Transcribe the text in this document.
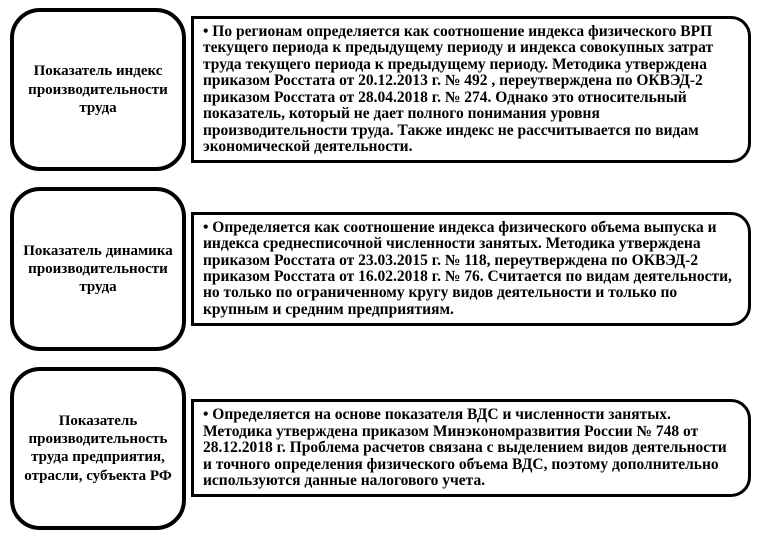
Показатель индекс производительности труда
• По регионам определяется как соотношение индекса физического ВРП текущего периода к предыдущему периоду и индекса совокупных затрат труда текущего периода к предыдущему периоду. Методика утверждена приказом Росстата от 20.12.2013 г. № 492 , переутверждена по ОКВЭД-2 приказом Росстата от 28.04.2018 г. № 274. Однако это относительный показатель, который не дает полного понимания уровня производительности труда. Также индекс не рассчитывается по видам экономической деятельности.
Показатель динамика производительности труда
• Определяется как соотношение индекса физического объема выпуска и индекса среднесписочной численности занятых. Методика утверждена приказом Росстата от 23.03.2015 г. № 118, переутверждена по ОКВЭД-2 приказом Росстата от 16.02.2018 г. № 76. Считается по видам деятельности, но только по ограниченному кругу видов деятельности и только по крупным и средним предприятиям.
Показатель производительность труда предприятия, отрасли, субъекта РФ
• Определяется на основе показателя ВДС и численности занятых. Методика утверждена приказом Минэкономразвития России № 748 от 28.12.2018 г. Проблема расчетов связана с выделением видов деятельности и точного определения физического объема ВДС, поэтому дополнительно используются данные налогового учета.
